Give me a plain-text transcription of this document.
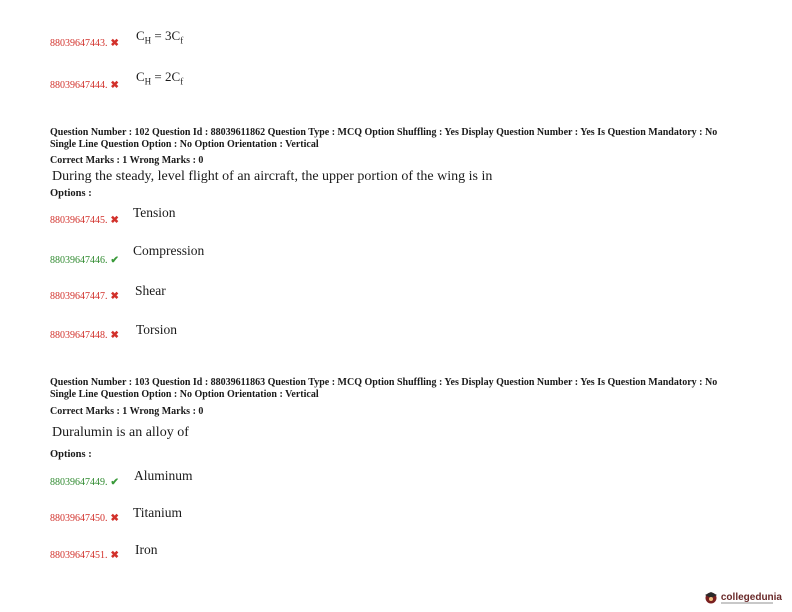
88039647443. ✖
$C_H = 3C_f$
88039647444. ✖
$C_H = 2C_f$
Question Number : 102 Question Id : 88039611862 Question Type : MCQ Option Shuffling : Yes Display Question Number : Yes Is Question Mandatory : No Single Line Question Option : No Option Orientation : Vertical
Correct Marks : 1 Wrong Marks : 0
During the steady, level flight of an aircraft, the upper portion of the wing is in
Options :
88039647445. ✖
Tension
88039647446. ✔
Compression
88039647447. ✖ Shear
88039647448. ✖ Torsion
Question Number : 103 Question Id : 88039611863 Question Type : MCQ Option Shuffling : Yes Display Question Number : Yes Is Question Mandatory : No Single Line Question Option : No Option Orientation : Vertical
Correct Marks : 1 Wrong Marks : 0
Duralumin is an alloy of
Options :
88039647449. ✔ Aluminum
88039647450. ✖ Titanium
88039647451. ✖ Iron
collegedunia
